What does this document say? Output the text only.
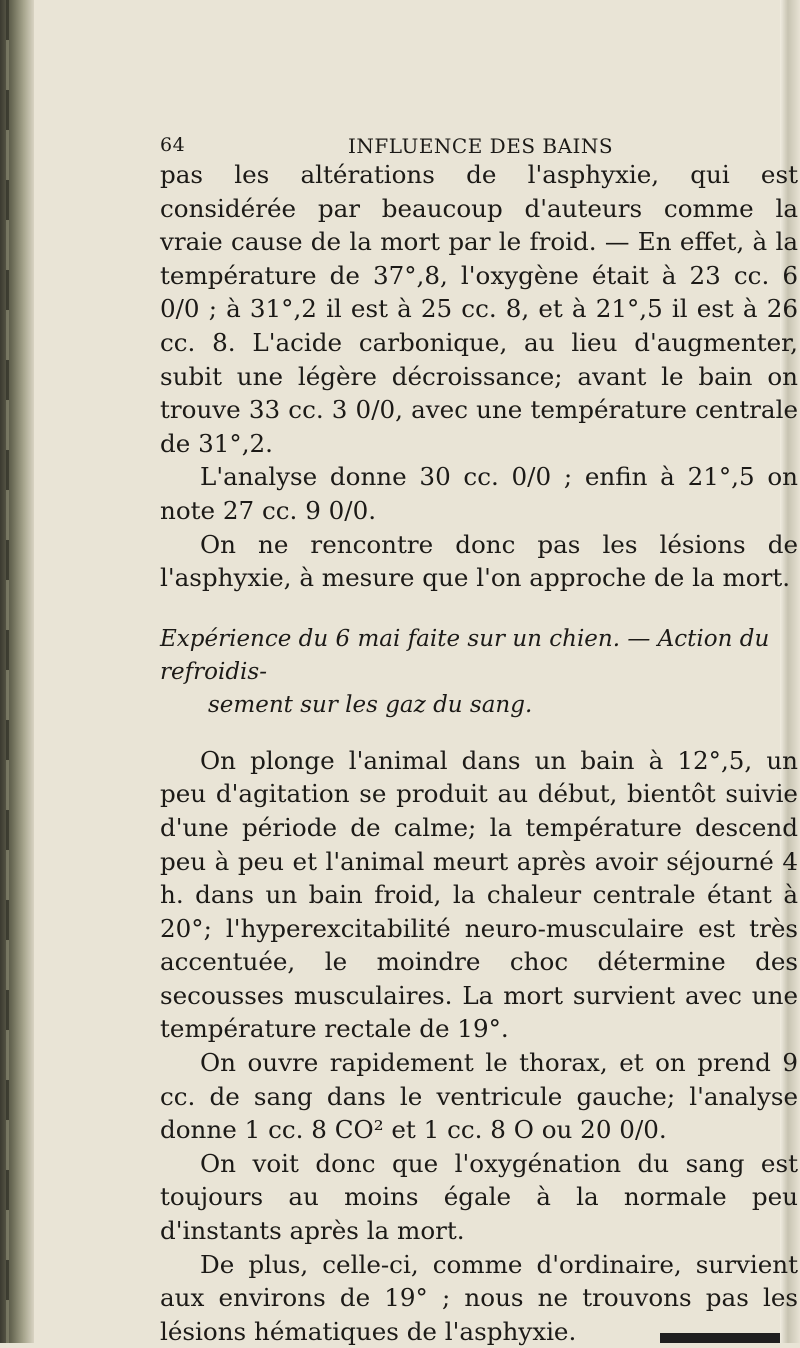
64	INFLUENCE DES BAINS

pas les altérations de l'asphyxie, qui est considérée par beaucoup d'auteurs comme la vraie cause de la mort par le froid. — En effet, à la température de 37°,8, l'oxygène était à 23 cc. 6 0/0 ; à 31°,2 il est à 25 cc. 8, et à 21°,5 il est à 26 cc. 8. L'acide carbonique, au lieu d'augmenter, subit une légère décroissance; avant le bain on trouve 33 cc. 3 0/0, avec une température centrale de 31°,2.

L'analyse donne 30 cc. 0/0 ; enfin à 21°,5 on note 27 cc. 9 0/0.

On ne rencontre donc pas les lésions de l'asphyxie, à mesure que l'on approche de la mort.

Expérience du 6 mai faite sur un chien. — Action du refroidis-
sement sur les gaz du sang.

On plonge l'animal dans un bain à 12°,5, un peu d'agitation se produit au début, bientôt suivie d'une période de calme; la température descend peu à peu et l'animal meurt après avoir séjourné 4 h. dans un bain froid, la chaleur centrale étant à 20°; l'hyperexcitabilité neuro-musculaire est très accentuée, le moindre choc détermine des secousses musculaires. La mort survient avec une température rectale de 19°.

On ouvre rapidement le thorax, et on prend 9 cc. de sang dans le ventricule gauche; l'analyse donne 1 cc. 8 CO² et 1 cc. 8 O ou 20 0/0.

On voit donc que l'oxygénation du sang est toujours au moins égale à la normale peu d'instants après la mort.

De plus, celle-ci, comme d'ordinaire, survient aux environs de 19° ; nous ne trouvons pas les lésions hématiques de l'asphyxie.
